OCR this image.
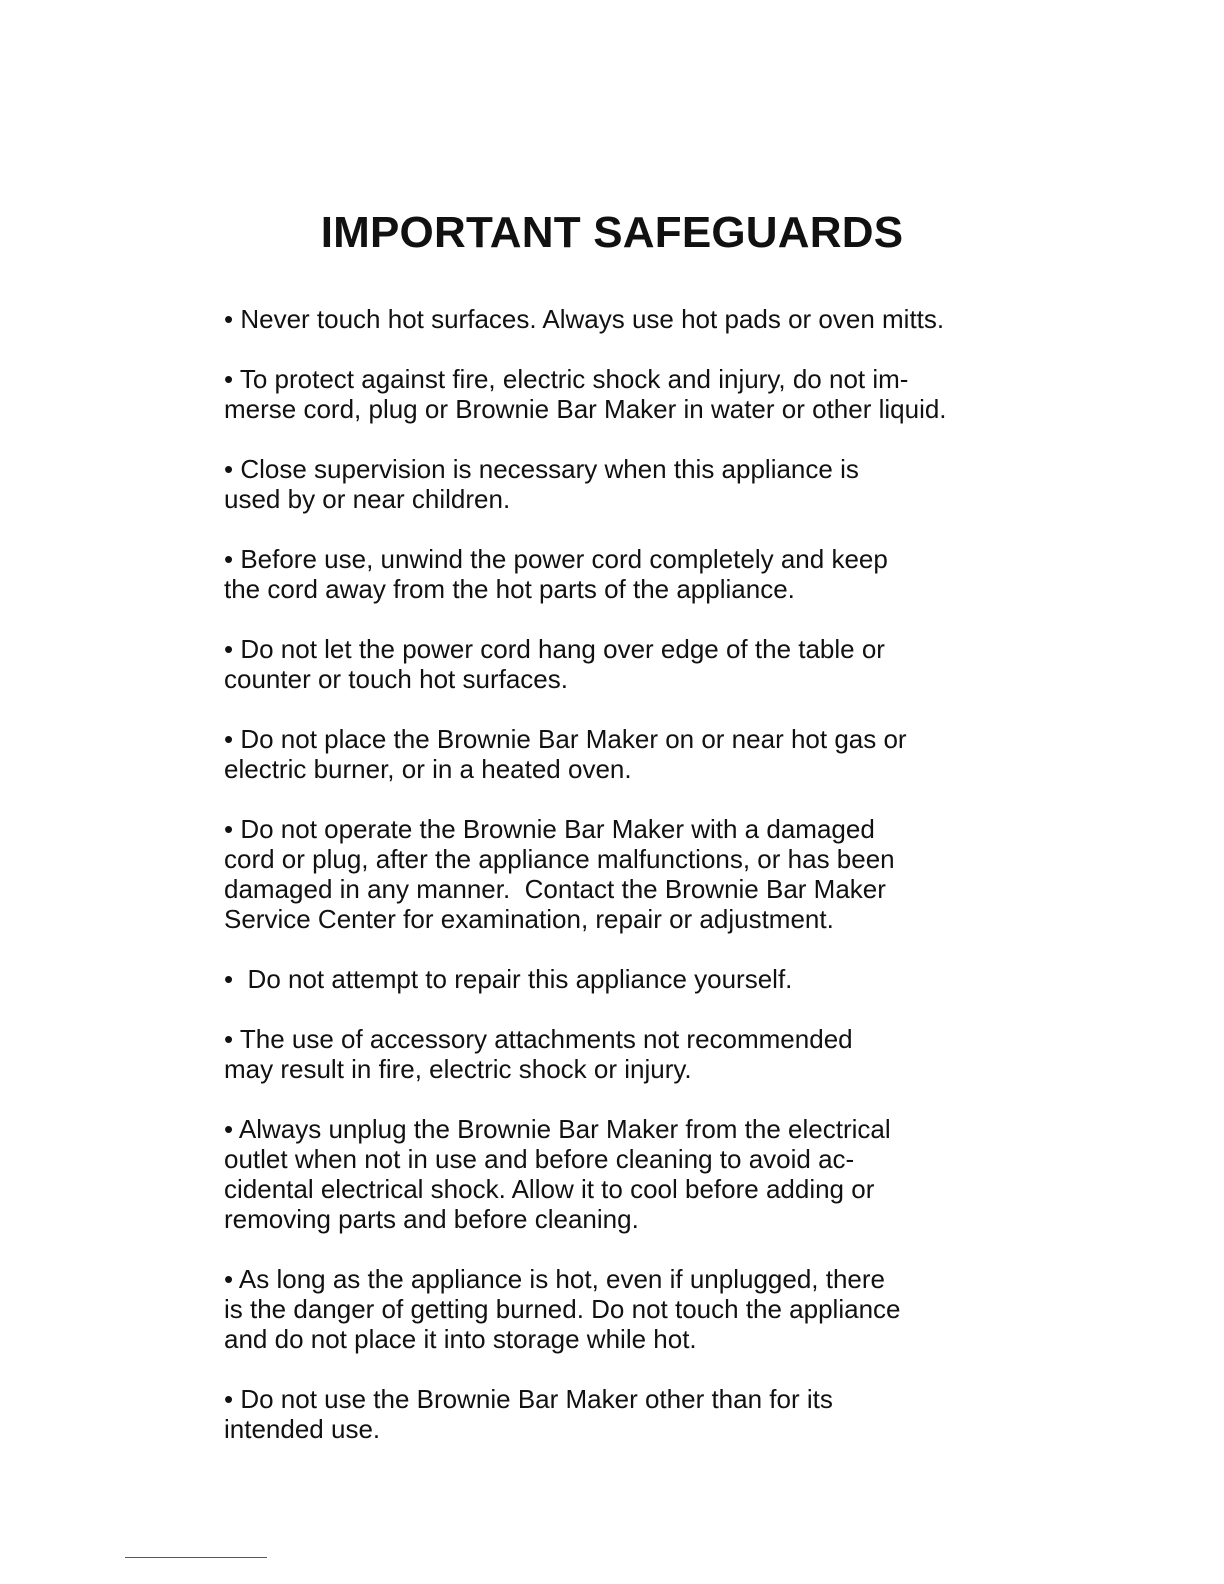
IMPORTANT SAFEGUARDS
• Never touch hot surfaces. Always use hot pads or oven mitts.
• To protect against fire, electric shock and injury, do not im-
merse cord, plug or Brownie Bar Maker in water or other liquid.
• Close supervision is necessary when this appliance is
used by or near children.
• Before use, unwind the power cord completely and keep
the cord away from the hot parts of the appliance.
• Do not let the power cord hang over edge of the table or
counter or touch hot surfaces.
• Do not place the Brownie Bar Maker on or near hot gas or
electric burner, or in a heated oven.
• Do not operate the Brownie Bar Maker with a damaged
cord or plug, after the appliance malfunctions, or has been
damaged in any manner.  Contact the Brownie Bar Maker
Service Center for examination, repair or adjustment.
•  Do not attempt to repair this appliance yourself.
• The use of accessory attachments not recommended
may result in fire, electric shock or injury.
• Always unplug the Brownie Bar Maker from the electrical
outlet when not in use and before cleaning to avoid ac-
cidental electrical shock. Allow it to cool before adding or
removing parts and before cleaning.
• As long as the appliance is hot, even if unplugged, there
is the danger of getting burned. Do not touch the appliance
and do not place it into storage while hot.
• Do not use the Brownie Bar Maker other than for its
intended use.
